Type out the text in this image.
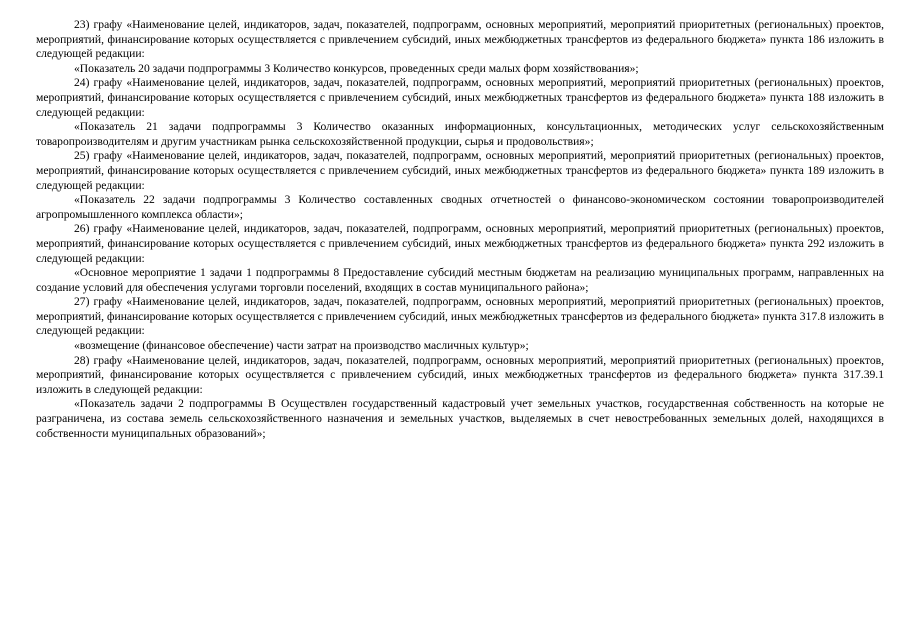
23) графу «Наименование целей, индикаторов, задач, показателей, подпрограмм, основных мероприятий, мероприятий приоритетных (региональных) проектов, мероприятий, финансирование которых осуществляется с привлечением субсидий, иных межбюджетных трансфертов из федерального бюджета» пункта 186 изложить в следующей редакции:

«Показатель 20 задачи подпрограммы 3 Количество конкурсов, проведенных среди малых форм хозяйствования»;

24) графу «Наименование целей, индикаторов, задач, показателей, подпрограмм, основных мероприятий, мероприятий приоритетных (региональных) проектов, мероприятий, финансирование которых осуществляется с привлечением субсидий, иных межбюджетных трансфертов из федерального бюджета» пункта 188 изложить в следующей редакции:

«Показатель 21 задачи подпрограммы 3 Количество оказанных информационных, консультационных, методических услуг сельскохозяйственным товаропроизводителям и другим участникам рынка сельскохозяйственной продукции, сырья и продовольствия»;

25) графу «Наименование целей, индикаторов, задач, показателей, подпрограмм, основных мероприятий, мероприятий приоритетных (региональных) проектов, мероприятий, финансирование которых осуществляется с привлечением субсидий, иных межбюджетных трансфертов из федерального бюджета» пункта 189 изложить в следующей редакции:

«Показатель 22 задачи подпрограммы 3 Количество составленных сводных отчетностей о финансово-экономическом состоянии товаропроизводителей агропромышленного комплекса области»;

26) графу «Наименование целей, индикаторов, задач, показателей, подпрограмм, основных мероприятий, мероприятий приоритетных (региональных) проектов, мероприятий, финансирование которых осуществляется с привлечением субсидий, иных межбюджетных трансфертов из федерального бюджета» пункта 292 изложить в следующей редакции:

«Основное мероприятие 1 задачи 1 подпрограммы 8 Предоставление субсидий местным бюджетам на реализацию муниципальных программ, направленных на создание условий для обеспечения услугами торговли поселений, входящих в состав муниципального района»;

27) графу «Наименование целей, индикаторов, задач, показателей, подпрограмм, основных мероприятий, мероприятий приоритетных (региональных) проектов, мероприятий, финансирование которых осуществляется с привлечением субсидий, иных межбюджетных трансфертов из федерального бюджета» пункта 317.8 изложить в следующей редакции:

«возмещение (финансовое обеспечение) части затрат на производство масличных культур»;

28) графу «Наименование целей, индикаторов, задач, показателей, подпрограмм, основных мероприятий, мероприятий приоритетных (региональных) проектов, мероприятий, финансирование которых осуществляется с привлечением субсидий, иных межбюджетных трансфертов из федерального бюджета» пункта 317.39.1 изложить в следующей редакции:

«Показатель задачи 2 подпрограммы В Осуществлен государственный кадастровый учет земельных участков, государственная собственность на которые не разграничена, из состава земель сельскохозяйственного назначения и земельных участков, выделяемых в счет невостребованных земельных долей, находящихся в собственности муниципальных образований»;
